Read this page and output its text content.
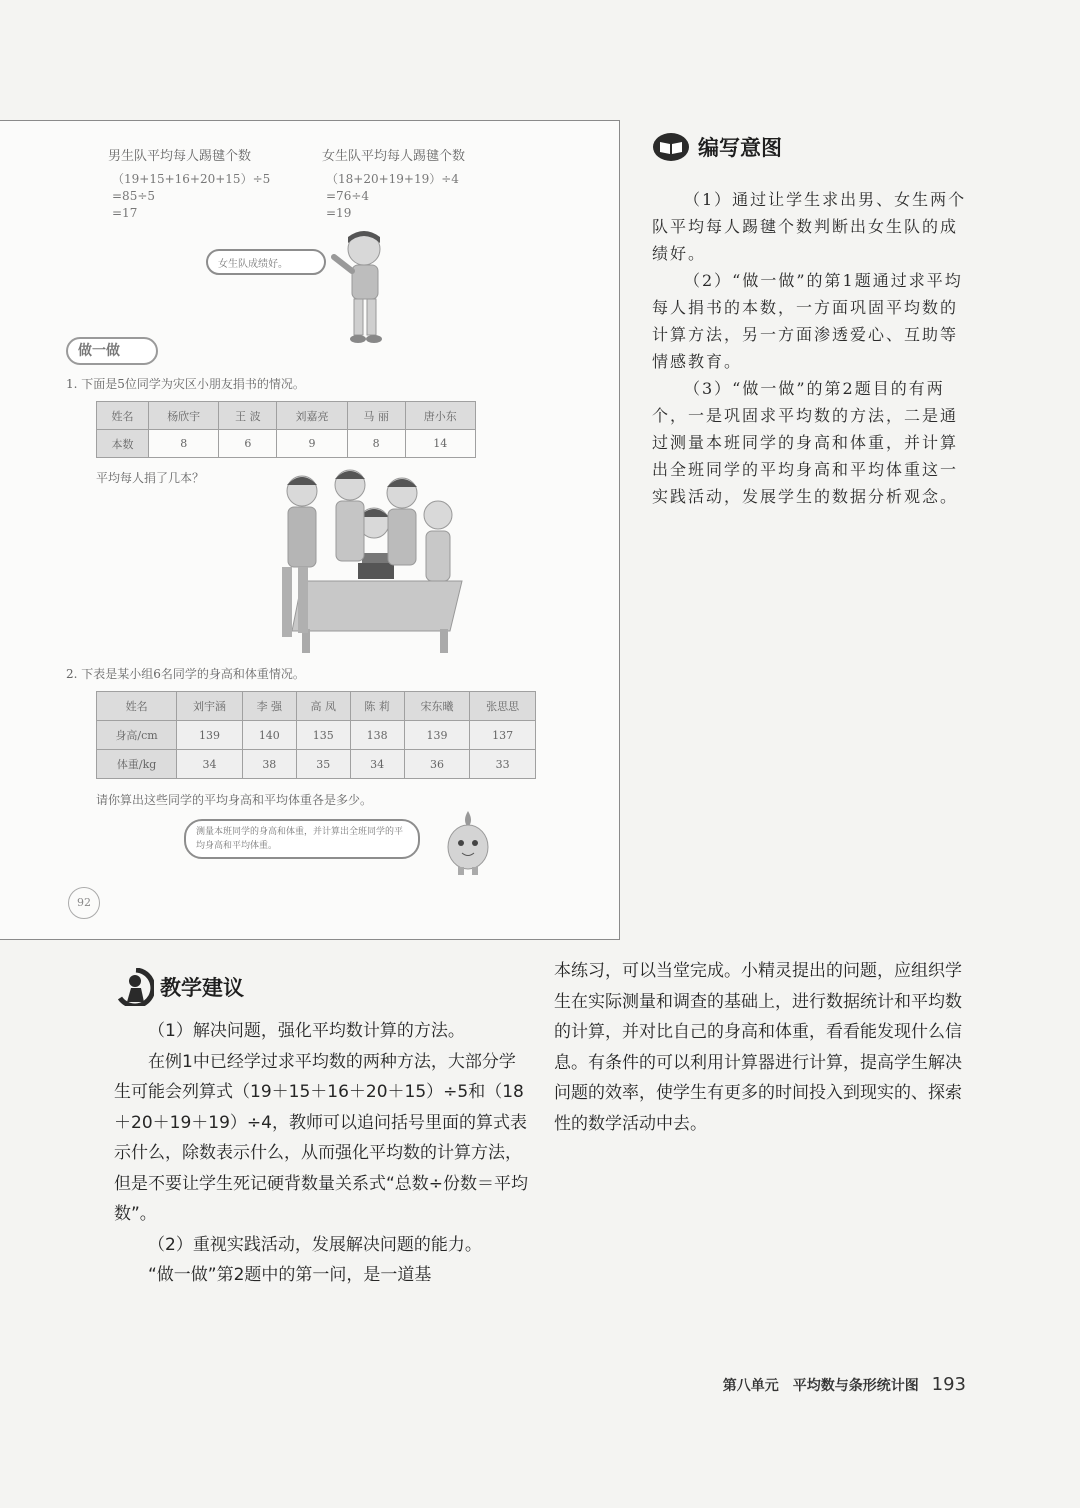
男生队平均每人踢毽个数
（19+15+16+20+15）÷5
=85÷5
=17
女生队平均每人踢毽个数
（18+20+19+19）÷4
=76÷4
=19
女生队成绩好。
做一做
1. 下面是5位同学为灾区小朋友捐书的情况。
姓名	杨欣宇	王 波	刘嘉亮	马 丽	唐小东
本数	8	6	9	8	14
平均每人捐了几本？
2. 下表是某小组6名同学的身高和体重情况。
姓名	刘宇涵	李 强	高 凤	陈 莉	宋东曦	张思思
身高/cm	139	140	135	138	139	137
体重/kg	34	38	35	34	36	33
请你算出这些同学的平均身高和平均体重各是多少。
测量本班同学的身高和体重，并计算出全班同学的平均身高和平均体重。
92
编写意图

（1）通过让学生求出男、女生两个队平均每人踢毽个数判断出女生队的成绩好。

（2）“做一做”的第1题通过求平均每人捐书的本数，一方面巩固平均数的计算方法，另一方面渗透爱心、互助等情感教育。

（3）“做一做”的第2题目的有两个，一是巩固求平均数的方法，二是通过测量本班同学的身高和体重，并计算出全班同学的平均身高和平均体重这一实践活动，发展学生的数据分析观念。

教学建议

（1）解决问题，强化平均数计算的方法。

在例1中已经学过求平均数的两种方法，大部分学生可能会列算式（19＋15＋16＋20＋15）÷5和（18＋20＋19＋19）÷4，教师可以追问括号里面的算式表示什么，除数表示什么，从而强化平均数的计算方法，但是不要让学生死记硬背数量关系式“总数÷份数＝平均数”。

（2）重视实践活动，发展解决问题的能力。

“做一做”第2题中的第一问，是一道基

本练习，可以当堂完成。小精灵提出的问题，应组织学生在实际测量和调查的基础上，进行数据统计和平均数的计算，并对比自己的身高和体重，看看能发现什么信息。有条件的可以利用计算器进行计算，提高学生解决问题的效率，使学生有更多的时间投入到现实的、探索性的数学活动中去。

第八单元　平均数与条形统计图 193
